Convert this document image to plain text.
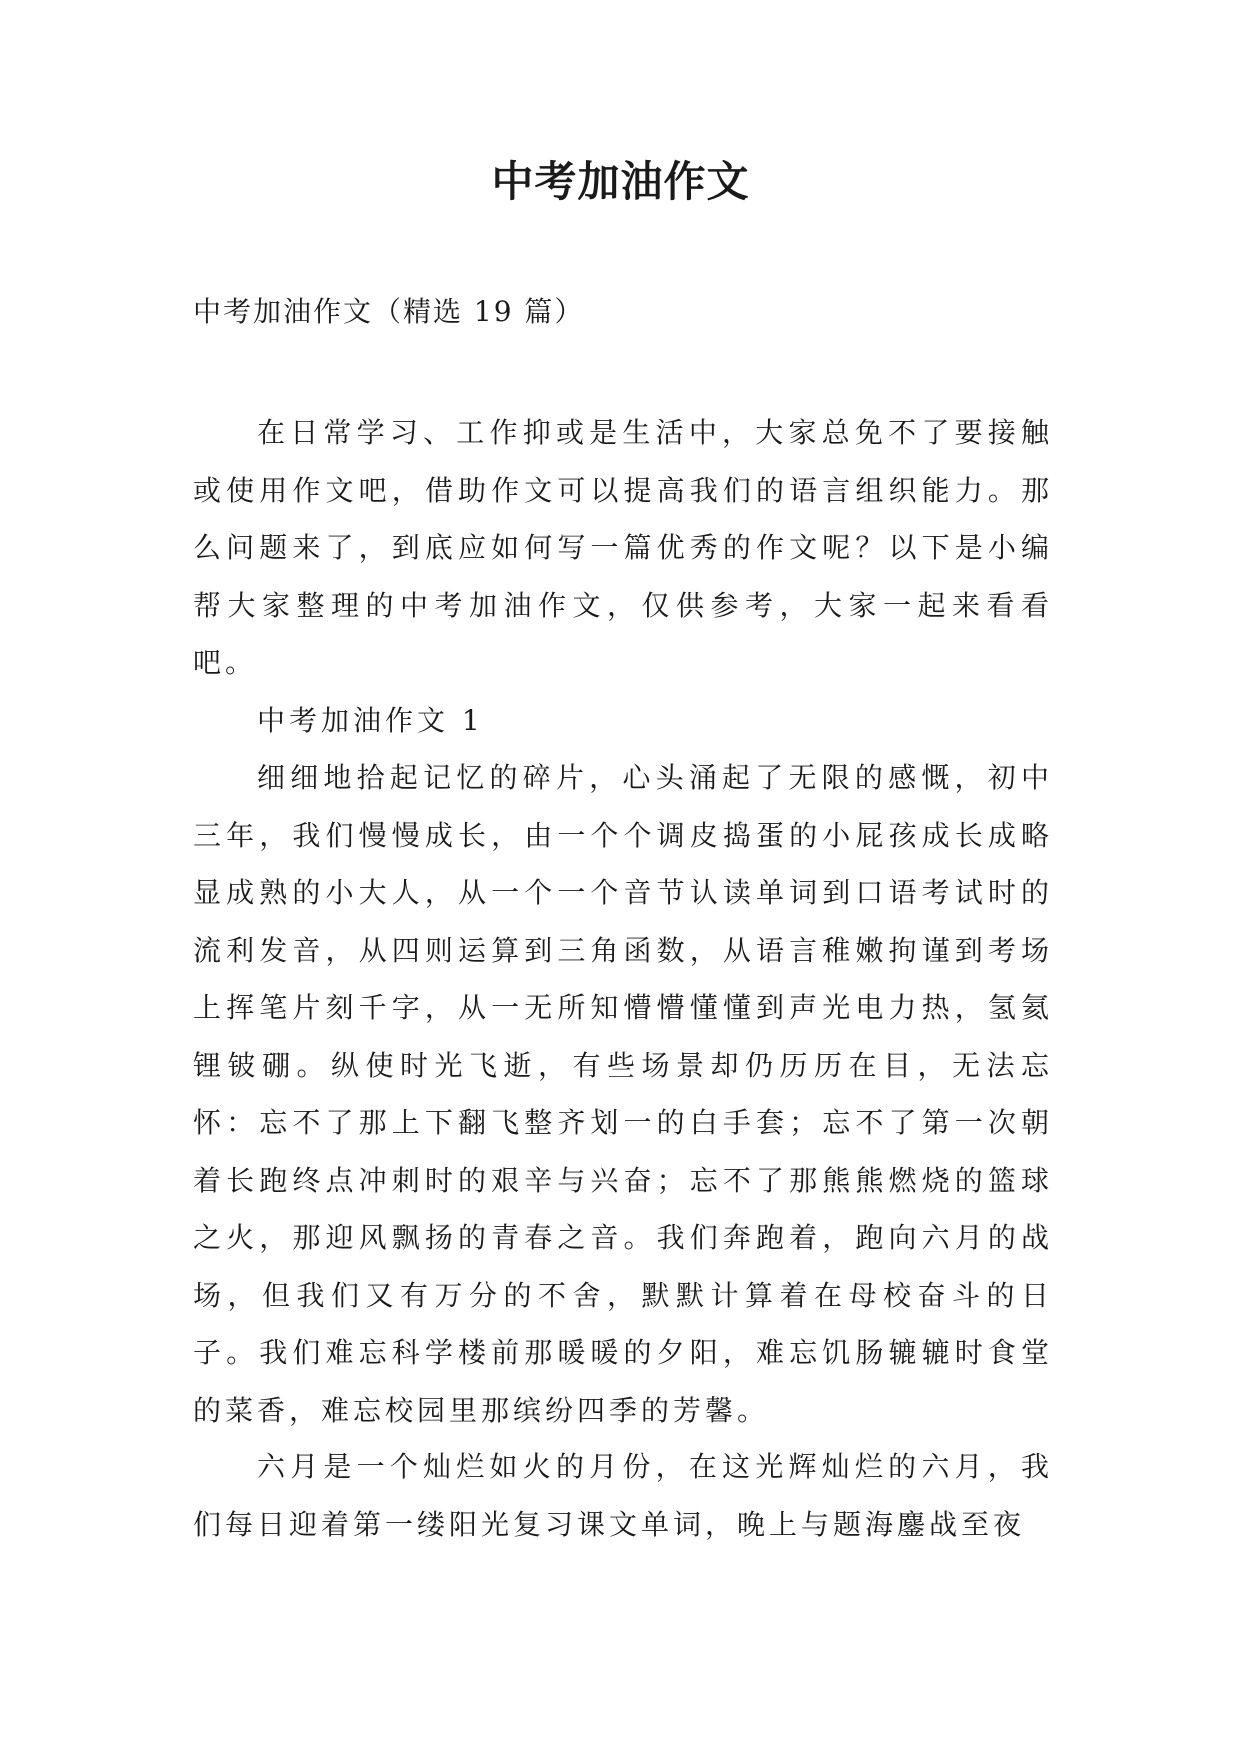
中考加油作文
中考加油作文（精选 19 篇）

在日常学习、工作抑或是生活中，大家总免不了要接触或使用作文吧，借助作文可以提高我们的语言组织能力。那么问题来了，到底应如何写一篇优秀的作文呢？以下是小编帮大家整理的中考加油作文，仅供参考，大家一起来看看吧。

中考加油作文 1

细细地拾起记忆的碎片，心头涌起了无限的感慨，初中三年，我们慢慢成长，由一个个调皮捣蛋的小屁孩成长成略显成熟的小大人，从一个一个音节认读单词到口语考试时的流利发音，从四则运算到三角函数，从语言稚嫩拘谨到考场上挥笔片刻千字，从一无所知懵懵懂懂到声光电力热，氢氦锂铍硼。纵使时光飞逝，有些场景却仍历历在目，无法忘怀：忘不了那上下翻飞整齐划一的白手套；忘不了第一次朝着长跑终点冲刺时的艰辛与兴奋；忘不了那熊熊燃烧的篮球之火，那迎风飘扬的青春之音。我们奔跑着，跑向六月的战场，但我们又有万分的不舍，默默计算着在母校奋斗的日子。我们难忘科学楼前那暖暖的夕阳，难忘饥肠辘辘时食堂的菜香，难忘校园里那缤纷四季的芳馨。

六月是一个灿烂如火的月份，在这光辉灿烂的六月，我们每日迎着第一缕阳光复习课文单词，晚上与题海鏖战至夜
